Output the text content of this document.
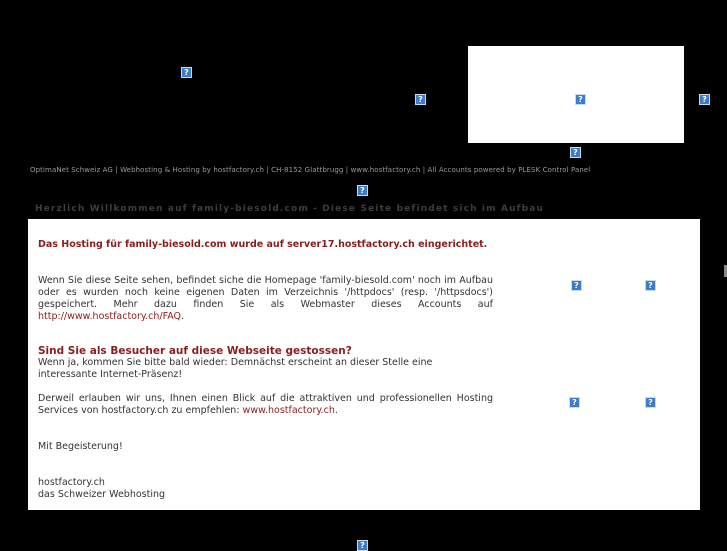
?
?	?	?
?
OptimaNet Schweiz AG | Webhosting & Hosting by hostfactory.ch | CH-8152 Glattbrugg | www.hostfactory.ch | All Accounts powered by PLESK Control Panel
?
Herzlich Willkommen auf family-biesold.com - Diese Seite befindet sich im Aufbau
Das Hosting für family-biesold.com wurde auf server17.hostfactory.ch eingerichtet.
Wenn Sie diese Seite sehen, befindet siche die Homepage 'family-biesold.com' noch im Aufbau oder es wurden noch keine eigenen Daten im Verzeichnis '/httpdocs' (resp. '/httpsdocs') gespeichert. Mehr dazu finden Sie als Webmaster dieses Accounts auf http://www.hostfactory.ch/FAQ.
Sind Sie als Besucher auf diese Webseite gestossen?
Wenn ja, kommen Sie bitte bald wieder: Demnächst erscheint an dieser Stelle eine interessante Internet-Präsenz!
Derweil erlauben wir uns, Ihnen einen Blick auf die attraktiven und professionellen Hosting Services von hostfactory.ch zu empfehlen: www.hostfactory.ch.
Mit Begeisterung!
hostfactory.ch
das Schweizer Webhosting
?	?
?	?
?
